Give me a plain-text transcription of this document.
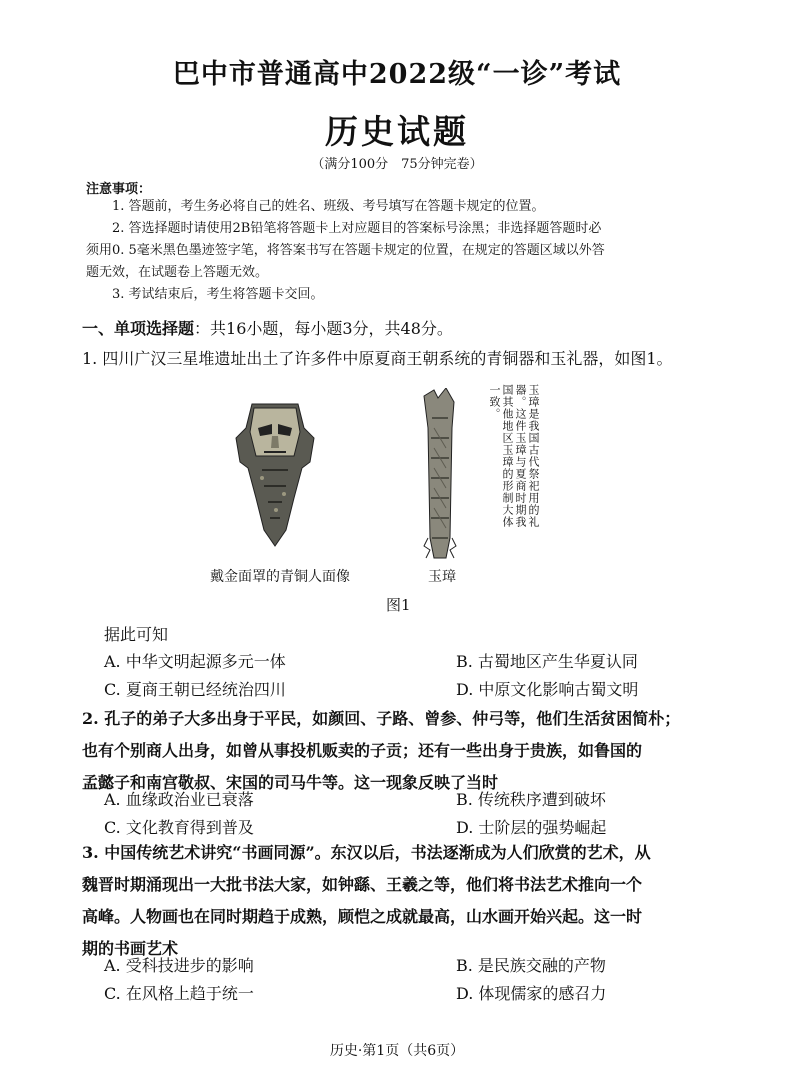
巴中市普通高中2022级“一诊”考试
历史试题
（满分100分　75分钟完卷）
注意事项：

1. 答题前，考生务必将自己的姓名、班级、考号填写在答题卡规定的位置。

2. 答选择题时请使用2B铅笔将答题卡上对应题目的答案标号涂黑；非选择题答题时必

须用0. 5毫米黑色墨迹签字笔，将答案书写在答题卡规定的位置，在规定的答题区域以外答

题无效，在试题卷上答题无效。

3. 考试结束后，考生将答题卡交回。

一、单项选择题：共16小题，每小题3分，共48分。
1. 四川广汉三星堆遗址出土了许多件中原夏商王朝系统的青铜器和玉礼器，如图1。
玉璋是我国古代祭祀用的礼器。这件玉璋与夏商时期我国其他地区玉璋的形制大体一致。
戴金面罩的青铜人面像	玉璋
图1
据此可知
A. 中华文明起源多元一体	B. 古蜀地区产生华夏认同
C. 夏商王朝已经统治四川	D. 中原文化影响古蜀文明

2. 孔子的弟子大多出身于平民，如颜回、子路、曾参、仲弓等，他们生活贫困简朴；

也有个别商人出身，如曾从事投机贩卖的子贡；还有一些出身于贵族，如鲁国的

孟懿子和南宫敬叔、宋国的司马牛等。这一现象反映了当时

A. 血缘政治业已衰落	B. 传统秩序遭到破坏
C. 文化教育得到普及	D. 士阶层的强势崛起

3. 中国传统艺术讲究“书画同源”。东汉以后，书法逐渐成为人们欣赏的艺术，从

魏晋时期涌现出一大批书法大家，如钟繇、王羲之等，他们将书法艺术推向一个

高峰。人物画也在同时期趋于成熟，顾恺之成就最高，山水画开始兴起。这一时

期的书画艺术

A. 受科技进步的影响	B. 是民族交融的产物
C. 在风格上趋于统一	D. 体现儒家的感召力
历史·第1页（共6页）
